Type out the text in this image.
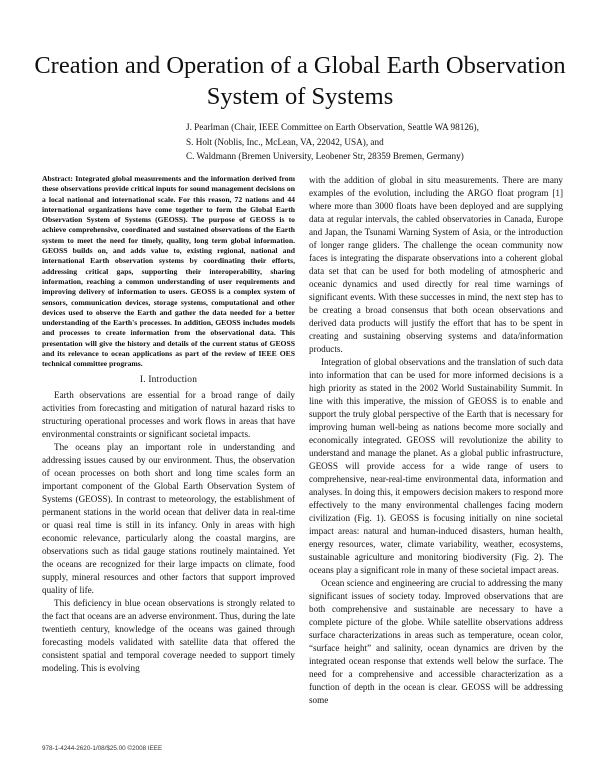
Creation and Operation of a Global Earth Observation System of Systems
J. Pearlman (Chair, IEEE Committee on Earth Observation, Seattle WA 98126),
S. Holt (Noblis, Inc., McLean, VA, 22042, USA), and
C. Waldmann (Bremen University, Leobener Str, 28359 Bremen, Germany)

Abstract: Integrated global measurements and the information derived from these observations provide critical inputs for sound management decisions on a local national and international scale. For this reason, 72 nations and 44 international organizations have come together to form the Global Earth Observation System of Systems (GEOSS). The purpose of GEOSS is to achieve comprehensive, coordinated and sustained observations of the Earth system to meet the need for timely, quality, long term global information. GEOSS builds on, and adds value to, existing regional, national and international Earth observation systems by coordinating their efforts, addressing critical gaps, supporting their interoperability, sharing information, reaching a common understanding of user requirements and improving delivery of information to users. GEOSS is a complex system of sensors, communication devices, storage systems, computational and other devices used to observe the Earth and gather the data needed for a better understanding of the Earth's processes. In addition, GEOSS includes models and processes to create information from the observational data. This presentation will give the history and details of the current status of GEOSS and its relevance to ocean applications as part of the review of IEEE OES technical committee programs.

I. Introduction

Earth observations are essential for a broad range of daily activities from forecasting and mitigation of natural hazard risks to structuring operational processes and work flows in areas that have environmental constraints or significant societal impacts.

The oceans play an important role in understanding and addressing issues caused by our environment. Thus, the observation of ocean processes on both short and long time scales form an important component of the Global Earth Observation System of Systems (GEOSS). In contrast to meteorology, the establishment of permanent stations in the world ocean that deliver data in real-time or quasi real time is still in its infancy. Only in areas with high economic relevance, particularly along the coastal margins, are observations such as tidal gauge stations routinely maintained. Yet the oceans are recognized for their large impacts on climate, food supply, mineral resources and other factors that support improved quality of life.

This deficiency in blue ocean observations is strongly related to the fact that oceans are an adverse environment. Thus, during the late twentieth century, knowledge of the oceans was gained through forecasting models validated with satellite data that offered the consistent spatial and temporal coverage needed to support timely modeling. This is evolving

with the addition of global in situ measurements. There are many examples of the evolution, including the ARGO float program [1] where more than 3000 floats have been deployed and are supplying data at regular intervals, the cabled observatories in Canada, Europe and Japan, the Tsunami Warning System of Asia, or the introduction of longer range gliders. The challenge the ocean community now faces is integrating the disparate observations into a coherent global data set that can be used for both modeling of atmospheric and oceanic dynamics and used directly for real time warnings of significant events. With these successes in mind, the next step has to be creating a broad consensus that both ocean observations and derived data products will justify the effort that has to be spent in creating and sustaining observing systems and data/information products.

Integration of global observations and the translation of such data into information that can be used for more informed decisions is a high priority as stated in the 2002 World Sustainability Summit. In line with this imperative, the mission of GEOSS is to enable and support the truly global perspective of the Earth that is necessary for improving human well-being as nations become more socially and economically integrated. GEOSS will revolutionize the ability to understand and manage the planet. As a global public infrastructure, GEOSS will provide access for a wide range of users to comprehensive, near-real-time environmental data, information and analyses. In doing this, it empowers decision makers to respond more effectively to the many environmental challenges facing modern civilization (Fig. 1). GEOSS is focusing initially on nine societal impact areas: natural and human-induced disasters, human health, energy resources, water, climate variability, weather, ecosystems, sustainable agriculture and monitoring biodiversity (Fig. 2). The oceans play a significant role in many of these societal impact areas.

Ocean science and engineering are crucial to addressing the many significant issues of society today. Improved observations that are both comprehensive and sustainable are necessary to have a complete picture of the globe. While satellite observations address surface characterizations in areas such as temperature, ocean color, “surface height” and salinity, ocean dynamics are driven by the integrated ocean response that extends well below the surface. The need for a comprehensive and accessible characterization as a function of depth in the ocean is clear. GEOSS will be addressing some

978-1-4244-2620-1/08/$25.00 ©2008 IEEE
